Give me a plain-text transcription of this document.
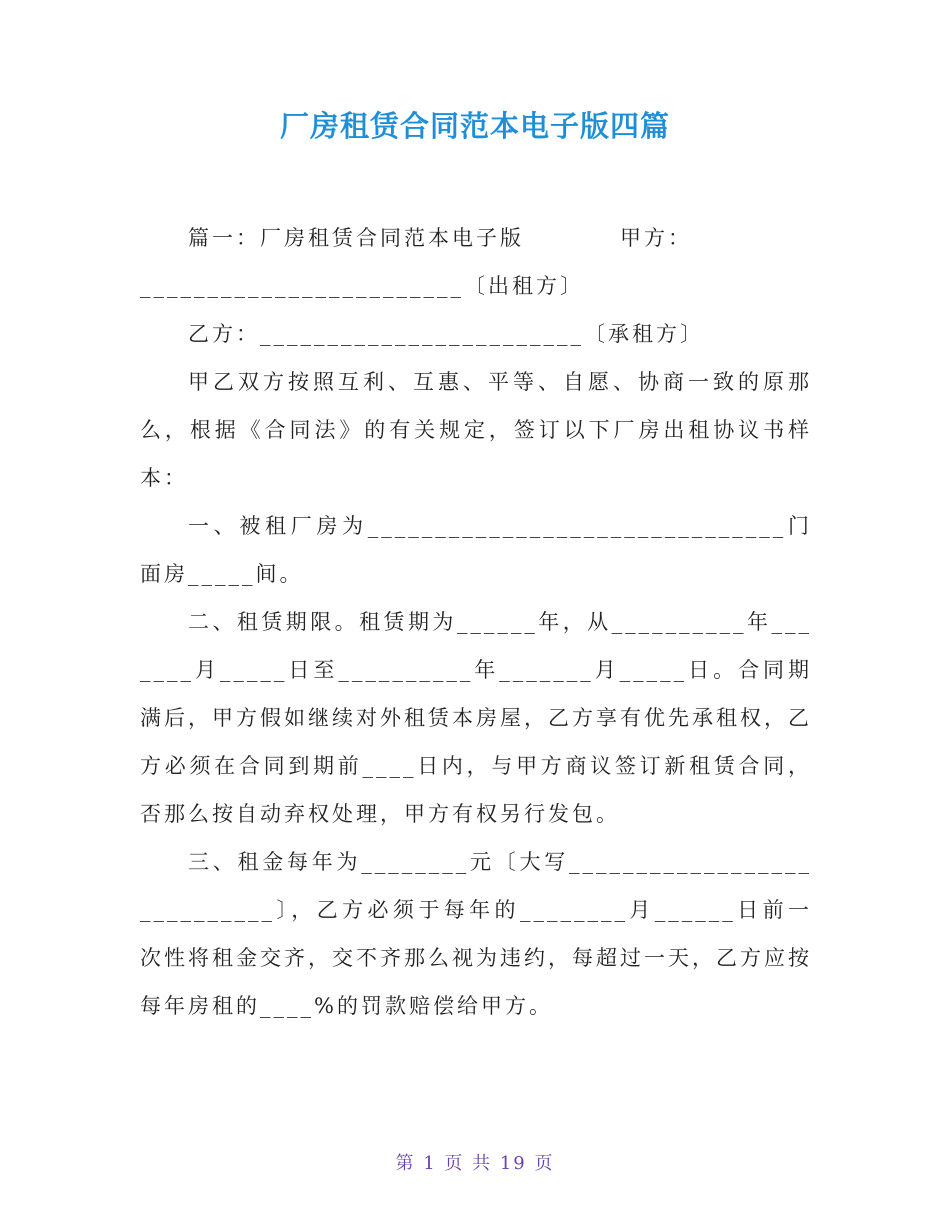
厂房租赁合同范本电子版四篇

篇一：厂房租赁合同范本电子版　　　　甲方：

________________________〔出租方〕

乙方：________________________〔承租方〕

甲乙双方按照互利、互惠、平等、自愿、协商一致的原那么，根据《合同法》的有关规定，签订以下厂房出租协议书样本：

一、被租厂房为_______________________________门面房_____间。

二、租赁期限。租赁期为______年，从__________年_______月_____日至__________年_______月_____日。合同期满后，甲方假如继续对外租赁本房屋，乙方享有优先承租权，乙方必须在合同到期前____日内，与甲方商议签订新租赁合同，否那么按自动弃权处理，甲方有权另行发包。

三、租金每年为________元〔大写____________________________〕，乙方必须于每年的________月______日前一次性将租金交齐，交不齐那么视为违约，每超过一天，乙方应按每年房租的____%的罚款赔偿给甲方。

第 1 页 共 19 页
